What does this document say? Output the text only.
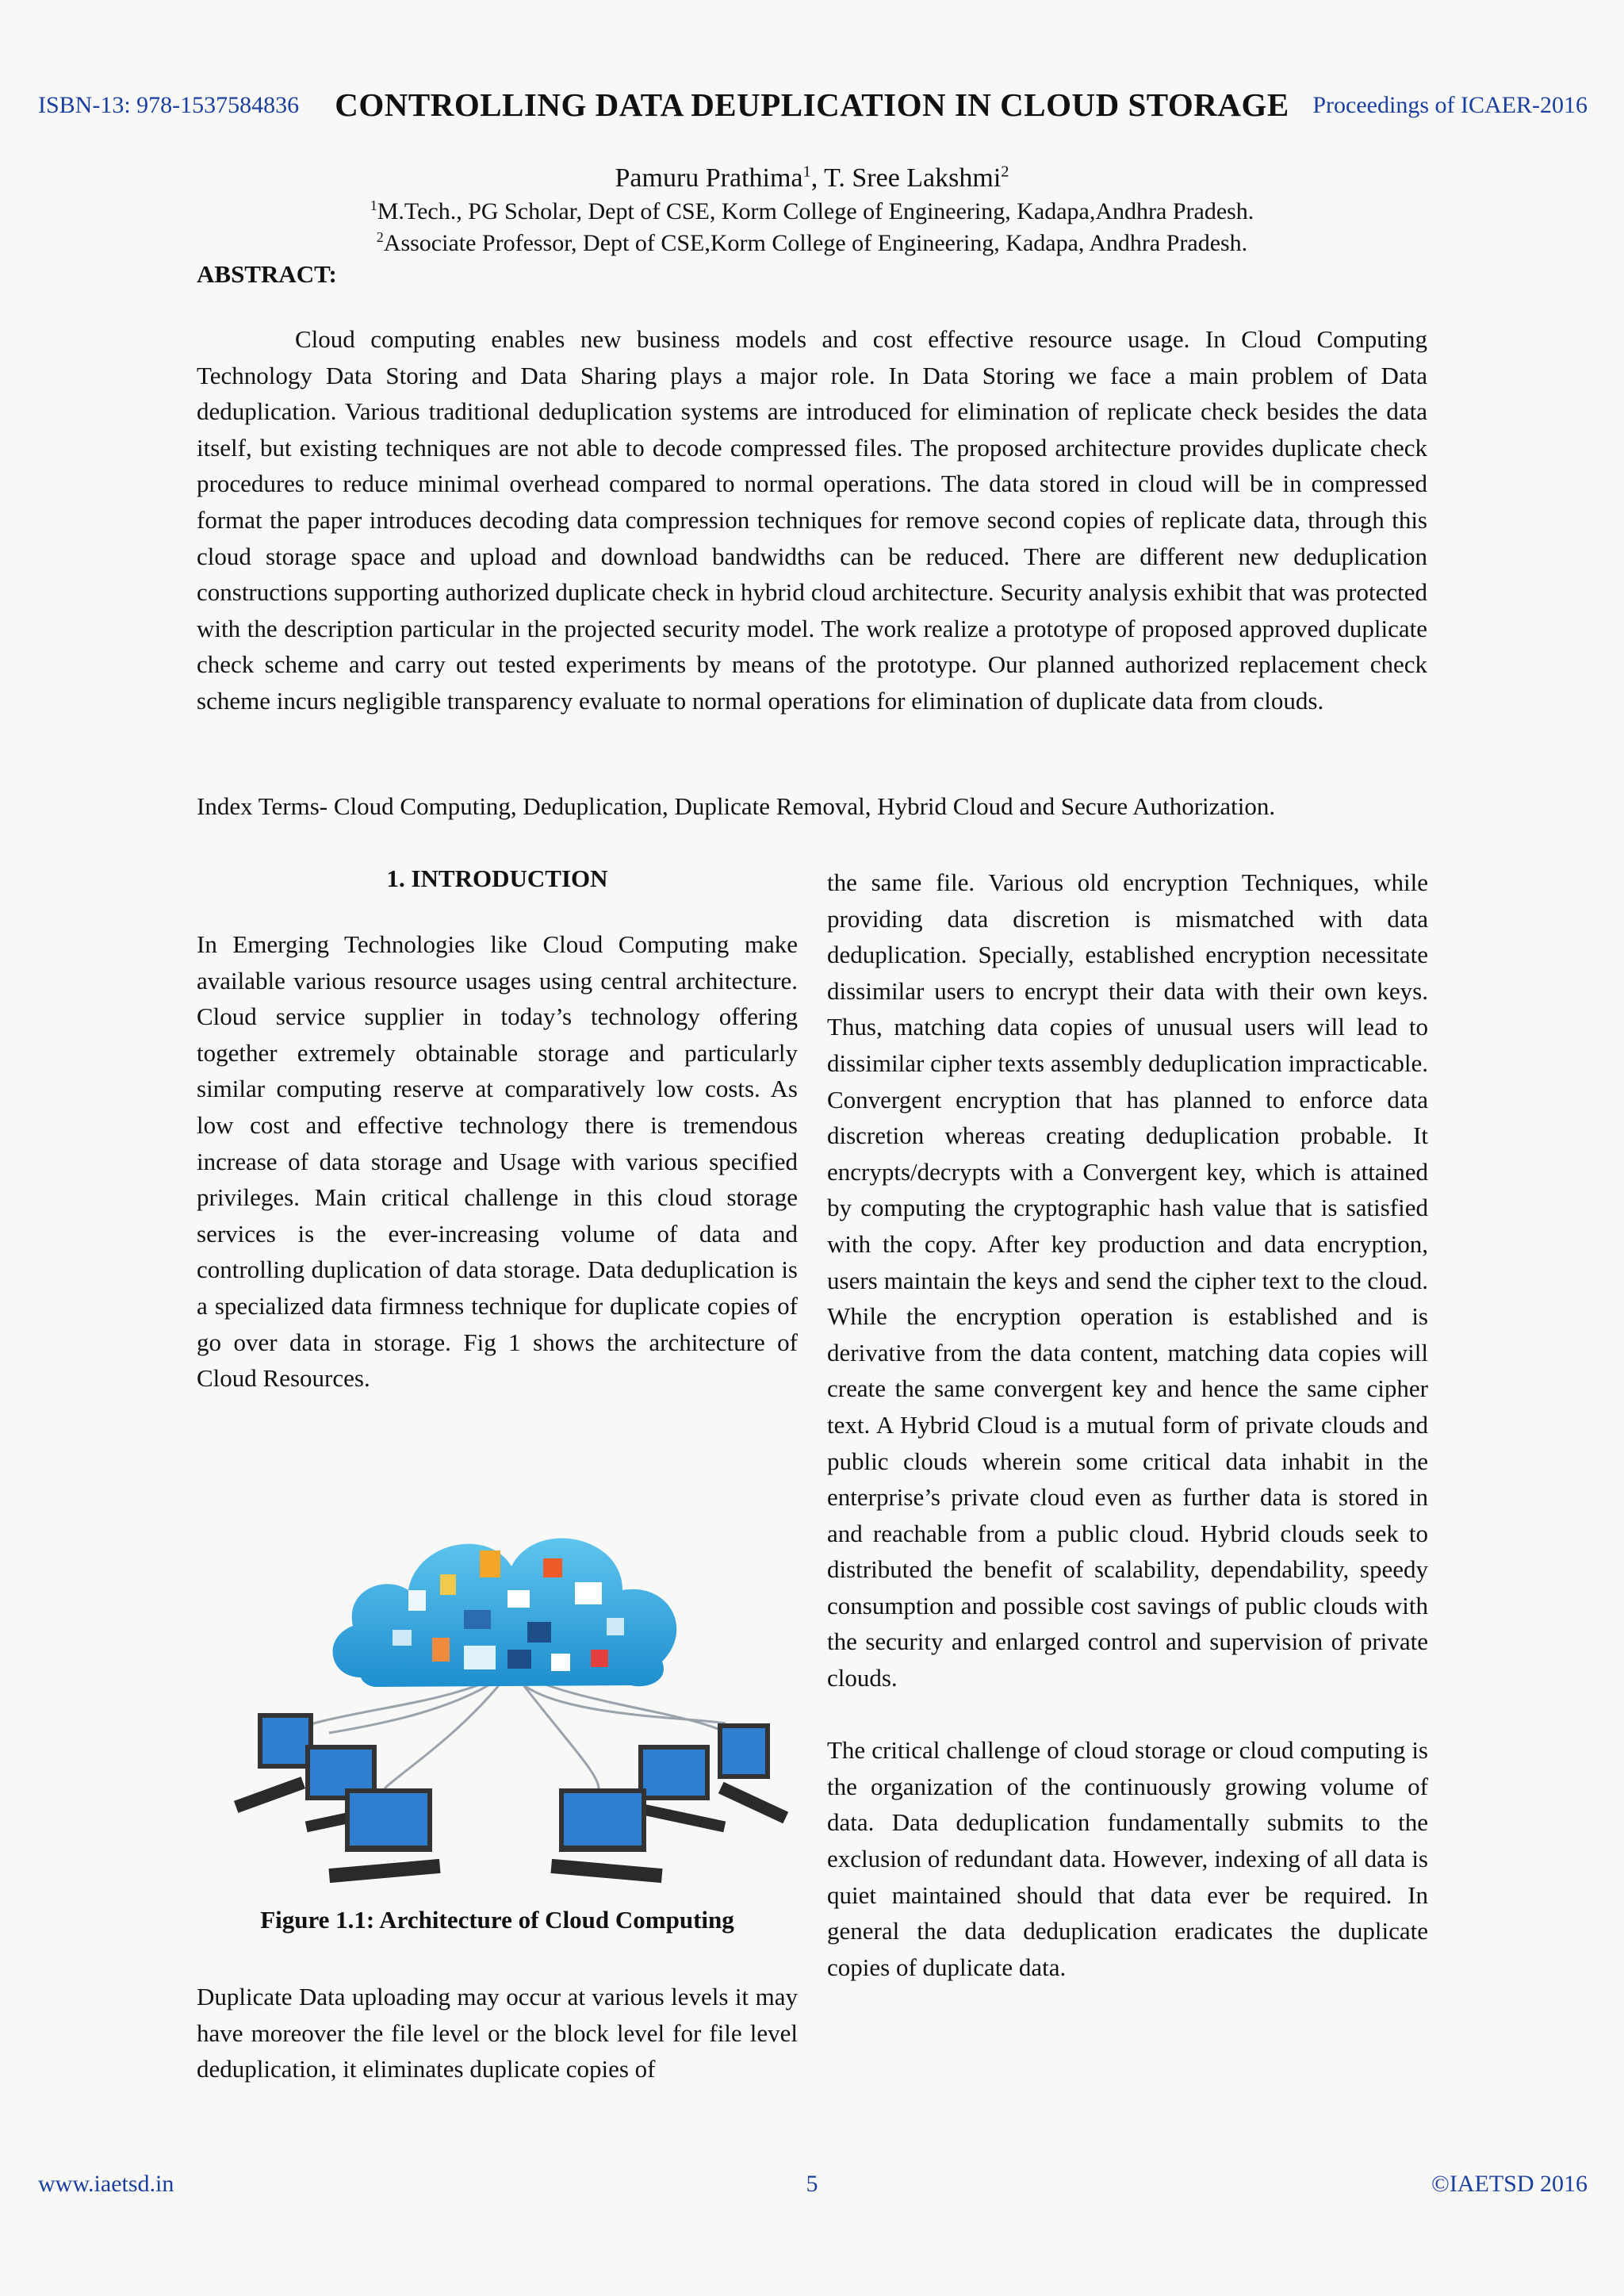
ISBN-13: 978-1537584836	CONTROLLING DATA DEUPLICATION IN CLOUD STORAGE Proceedings of ICAER-2016
Pamuru Prathima$^1$, T. Sree Lakshmi$^2$
$^1$M.Tech., PG Scholar, Dept of CSE, Korm College of Engineering, Kadapa,Andhra Pradesh.
$^2$Associate Professor, Dept of CSE,Korm College of Engineering, Kadapa, Andhra Pradesh.
ABSTRACT:

Cloud computing enables new business models and cost effective resource usage. In Cloud Computing Technology Data Storing and Data Sharing plays a major role. In Data Storing we face a main problem of Data deduplication. Various traditional deduplication systems are introduced for elimination of replicate check besides the data itself, but existing techniques are not able to decode compressed files. The proposed architecture provides duplicate check procedures to reduce minimal overhead compared to normal operations. The data stored in cloud will be in compressed format the paper introduces decoding data compression techniques for remove second copies of replicate data, through this cloud storage space and upload and download bandwidths can be reduced. There are different new deduplication constructions supporting authorized duplicate check in hybrid cloud architecture. Security analysis exhibit that was protected with the description particular in the projected security model. The work realize a prototype of proposed approved duplicate check scheme and carry out tested experiments by means of the prototype. Our planned authorized replacement check scheme incurs negligible transparency evaluate to normal operations for elimination of duplicate data from clouds.

Index Terms- Cloud Computing, Deduplication, Duplicate Removal, Hybrid Cloud and Secure Authorization.
1. INTRODUCTION

In Emerging Technologies like Cloud Computing make available various resource usages using central architecture. Cloud service supplier in today’s technology offering together extremely obtainable storage and particularly similar computing reserve at comparatively low costs. As low cost and effective technology there is tremendous increase of data storage and Usage with various specified privileges. Main critical challenge in this cloud storage services is the ever-increasing volume of data and controlling duplication of data storage. Data deduplication is a specialized data firmness technique for duplicate copies of go over data in storage. Fig 1 shows the architecture of Cloud Resources.

Figure 1.1: Architecture of Cloud Computing

Duplicate Data uploading may occur at various levels it may have moreover the file level or the block level for file level deduplication, it eliminates duplicate copies of

the same file. Various old encryption Techniques, while providing data discretion is mismatched with data deduplication. Specially, established encryption necessitate dissimilar users to encrypt their data with their own keys. Thus, matching data copies of unusual users will lead to dissimilar cipher texts assembly deduplication impracticable. Convergent encryption that has planned to enforce data discretion whereas creating deduplication probable. It encrypts/decrypts with a Convergent key, which is attained by computing the cryptographic hash value that is satisfied with the copy. After key production and data encryption, users maintain the keys and send the cipher text to the cloud. While the encryption operation is established and is derivative from the data content, matching data copies will create the same convergent key and hence the same cipher text. A Hybrid Cloud is a mutual form of private clouds and public clouds wherein some critical data inhabit in the enterprise’s private cloud even as further data is stored in and reachable from a public cloud. Hybrid clouds seek to distributed the benefit of scalability, dependability, speedy consumption and possible cost savings of public clouds with the security and enlarged control and supervision of private clouds.

The critical challenge of cloud storage or cloud computing is the organization of the continuously growing volume of data. Data deduplication fundamentally submits to the exclusion of redundant data. However, indexing of all data is quiet maintained should that data ever be required. In general the data deduplication eradicates the duplicate copies of duplicate data.

www.iaetsd.in	5	©IAETSD 2016
